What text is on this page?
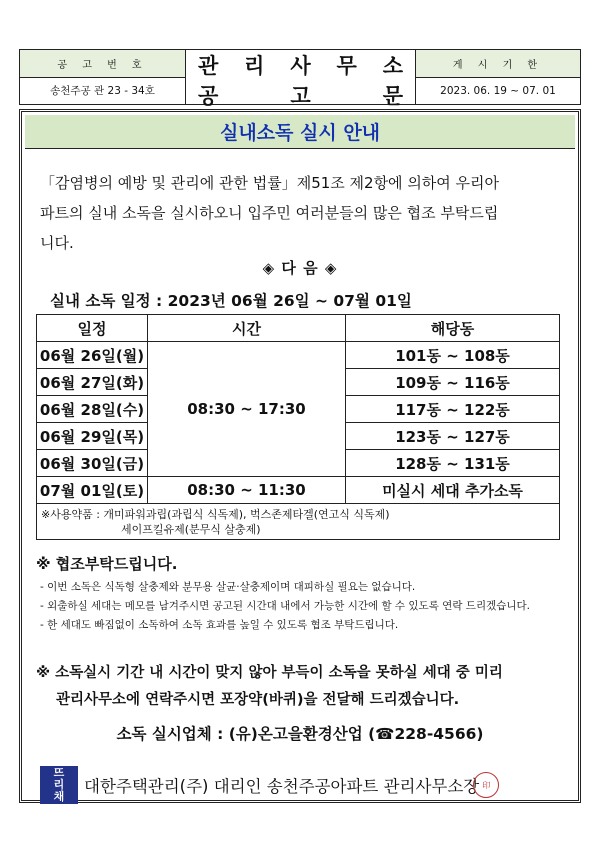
공 고 번 호
송천주공 관 23 - 34호
관 리 사 무 소
공	고	문
게 시 기 한
2023. 06. 19 ~ 07. 01
실내소독 실시 안내

「감염병의 예방 및 관리에 관한 법률」제51조 제2항에 의하여 우리아

파트의 실내 소독을 실시하오니 입주민 여러분들의 많은 협조 부탁드립

니다.

◈ 다 음 ◈
실내 소독 일정 : 2023년 06월 26일 ~ 07월 01일
일정	시간	해당동
06월 26일(월)	08:30 ~ 17:30	101동 ~ 108동
06월 27일(화)		109동 ~ 116동
06월 28일(수)		117동 ~ 122동
06월 29일(목)		123동 ~ 127동
06월 30일(금)		128동 ~ 131동
07월 01일(토)	08:30 ~ 11:30	미실시 세대 추가소독

※사용약품 : 개미파워과립(과립식 식독제), 벅스존제타겔(연고식 식독제)
세이프킬유제(분무식 살충제)		
※ 협조부탁드립니다.
- 이번 소독은 식독형 살충제와 분무용 살균·살충제이며 대피하실 필요는 없습니다.
- 외출하실 세대는 메모를 남겨주시면 공고된 시간대 내에서 가능한 시간에 할 수 있도록 연락 드리겠습니다.
- 한 세대도 빠짐없이 소독하여 소독 효과를 높일 수 있도록 협조 부탁드립니다.
※ 소독실시 기간 내 시간이 맞지 않아 부득이 소독을 못하실 세대 중 미리
관리사무소에 연락주시면 포장약(바퀴)을 전달해 드리겠습니다.
소독 실시업체 : (유)온고을환경산업 (☎228-4566)
뜨
리
채
대한주택관리(주) 대리인 송천주공아파트 관리사무소장 印
